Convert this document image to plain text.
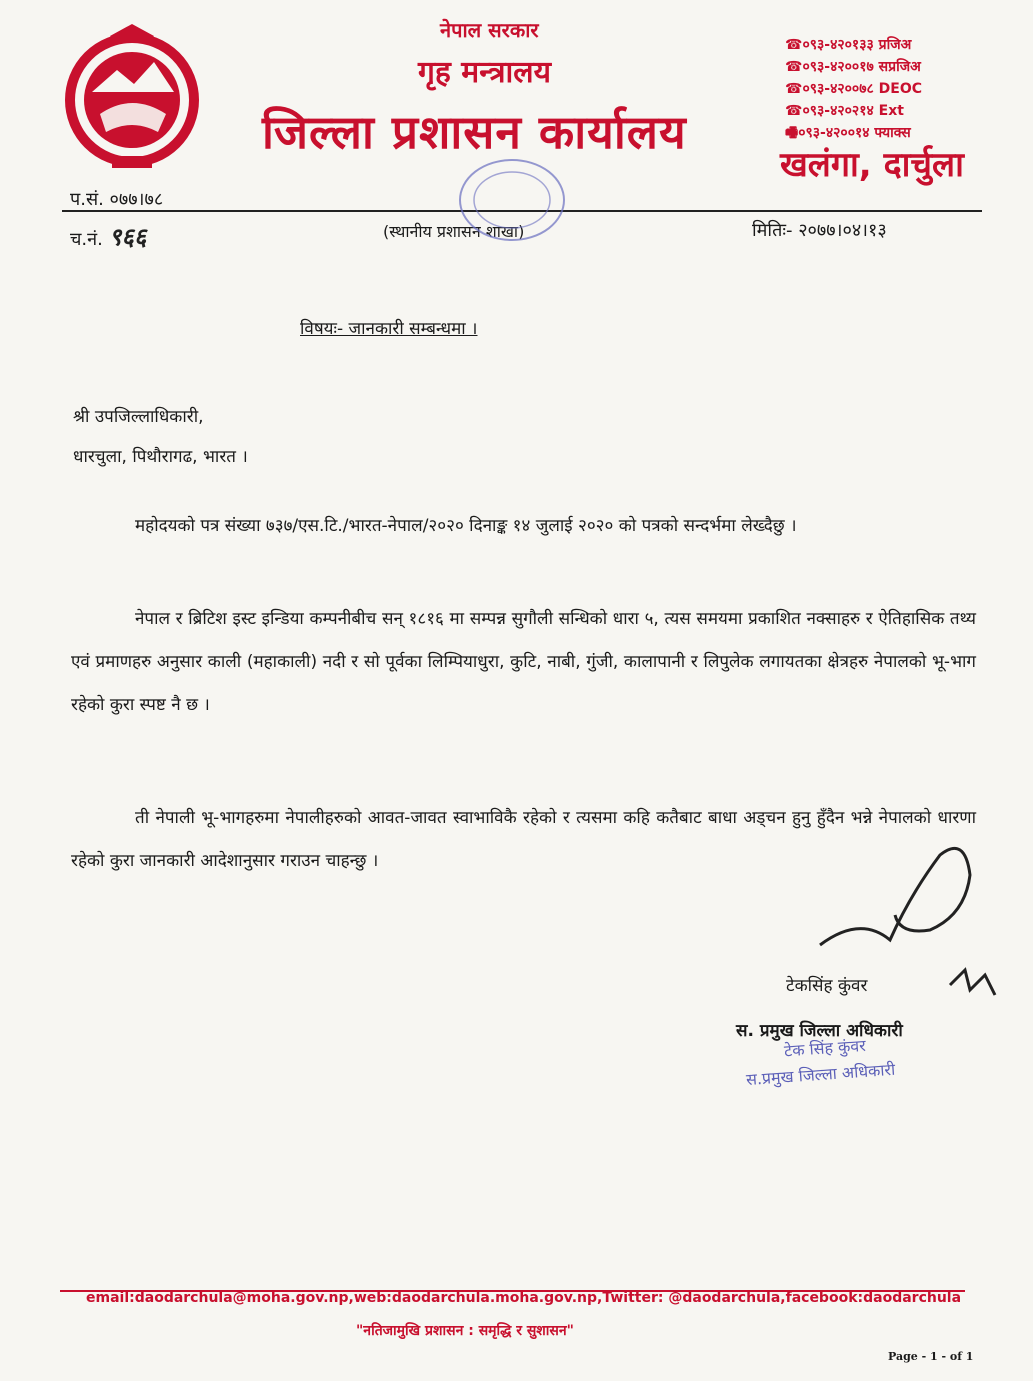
नेपाल सरकार
गृह मन्त्रालय
जिल्ला प्रशासन कार्यालय
☎०९३-४२०१३३ प्रजिअ
☎०९३-४२००१७ सप्रजिअ
☎०९३-४२००७८ DEOC
☎०९३-४२०२१४ Ext
🖷०९३-४२००१४ फ्याक्स
खलंगा, दार्चुला
प.सं. ०७७।७८
च.नं. ९६६	(स्थानीय प्रशासन शाखा)	मितिः- २०७७।०४।१३
विषयः- जानकारी सम्बन्धमा ।
श्री उपजिल्लाधिकारी,
धारचुला, पिथौरागढ, भारत ।
महोदयको पत्र संख्या ७३७/एस.टि./भारत-नेपाल/२०२० दिनाङ्क १४ जुलाई २०२० को पत्रको सन्दर्भमा लेख्दैछु ।
नेपाल र ब्रिटिश इस्ट इन्डिया कम्पनीबीच सन् १८१६ मा सम्पन्न सुगौली सन्धिको धारा ५, त्यस समयमा प्रकाशित नक्साहरु र ऐतिहासिक तथ्य एवं प्रमाणहरु अनुसार काली (महाकाली) नदी र सो पूर्वका लिम्पियाधुरा, कुटि, नाबी, गुंजी, कालापानी र लिपुलेक लगायतका क्षेत्रहरु नेपालको भू-भाग रहेको कुरा स्पष्ट नै छ ।
ती नेपाली भू-भागहरुमा नेपालीहरुको आवत-जावत स्वाभाविकै रहेको र त्यसमा कहि कतैबाट बाधा अड्चन हुनु हुँदैन भन्ने नेपालको धारणा रहेको कुरा जानकारी आदेशानुसार गराउन चाहन्छु ।
टेकसिंह कुंवर
स. प्रमुख जिल्ला अधिकारी
टेक सिंह कुंवर
स.प्रमुख जिल्ला अधिकारी
email:daodarchula@moha.gov.np,web:daodarchula.moha.gov.np,Twitter: @daodarchula,facebook:daodarchula
"नतिजामुखि प्रशासन : समृद्धि र सुशासन"
Page - 1 - of 1
